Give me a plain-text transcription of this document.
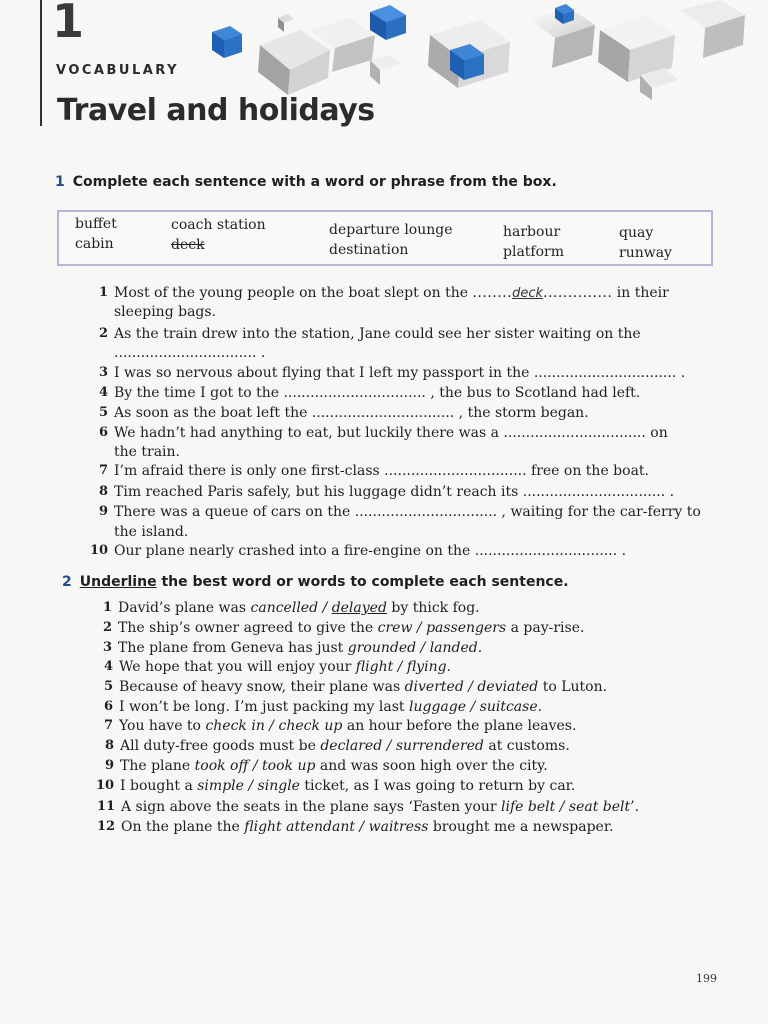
1
VOCABULARY
Travel and holidays
1 Complete each sentence with a word or phrase from the box.
buffet
cabin
coach station
deck
departure lounge
destination
harbour
platform
quay
runway
1 Most of the young people on the boat slept on the ........deck.............. in their
sleeping bags.
2 As the train drew into the station, Jane could see her sister waiting on the
................................ .
3 I was so nervous about flying that I left my passport in the ................................ .
4 By the time I got to the ................................ , the bus to Scotland had left.
5 As soon as the boat left the ................................ , the storm began.
6 We hadn’t had anything to eat, but luckily there was a ................................ on
the train.
7 I’m afraid there is only one first-class ................................ free on the boat.
8 Tim reached Paris safely, but his luggage didn’t reach its ................................ .
9 There was a queue of cars on the ................................ , waiting for the car-ferry to
the island.
10 Our plane nearly crashed into a fire-engine on the ................................ .
2 Underline the best word or words to complete each sentence.
1 David’s plane was cancelled / delayed by thick fog.
2 The ship’s owner agreed to give the crew / passengers a pay-rise.
3 The plane from Geneva has just grounded / landed.
4 We hope that you will enjoy your flight / flying.
5 Because of heavy snow, their plane was diverted / deviated to Luton.
6 I won’t be long. I’m just packing my last luggage / suitcase.
7 You have to check in / check up an hour before the plane leaves.
8 All duty-free goods must be declared / surrendered at customs.
9 The plane took off / took up and was soon high over the city.
10 I bought a simple / single ticket, as I was going to return by car.
11 A sign above the seats in the plane says ‘Fasten your life belt / seat belt’.
12 On the plane the flight attendant / waitress brought me a newspaper.
199
